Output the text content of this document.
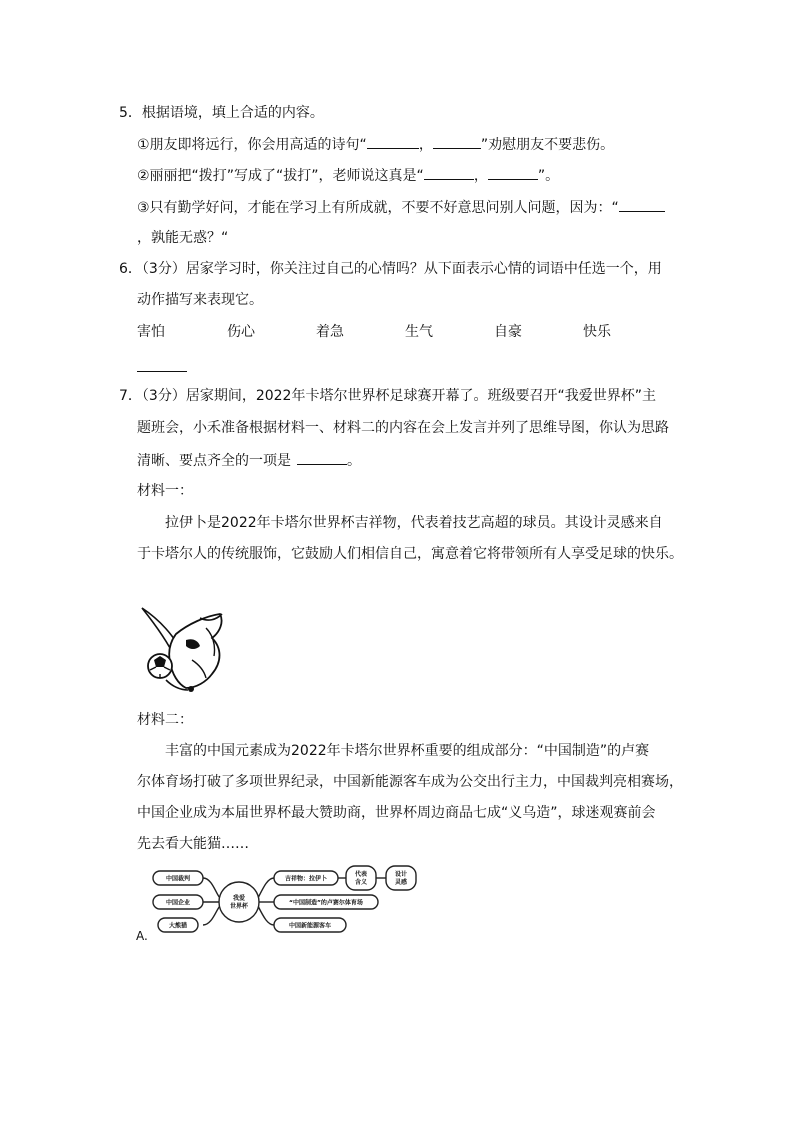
5．根据语境，填上合适的内容。
①朋友即将远行，你会用高适的诗句“	，	”劝慰朋友不要悲伤。
②丽丽把“拨打”写成了“拔打”，老师说这真是“	，	”。
③只有勤学好问，才能在学习上有所成就，不要不好意思问别人问题，因为：“
，孰能无惑？“
6．（3分）居家学习时，你关注过自己的心情吗？从下面表示心情的词语中任选一个，用
动作描写来表现它。
害怕	伤心	着急	生气	自豪	快乐
7．（3分）居家期间，2022年卡塔尔世界杯足球赛开幕了。班级要召开“我爱世界杯”主
题班会，小禾准备根据材料一、材料二的内容在会上发言并列了思维导图，你认为思路
清晰、要点齐全的一项是	。
材料一：
拉伊卜是2022年卡塔尔世界杯吉祥物，代表着技艺高超的球员。其设计灵感来自
于卡塔尔人的传统服饰，它鼓励人们相信自己，寓意着它将带领所有人享受足球的快乐。
材料二：
丰富的中国元素成为2022年卡塔尔世界杯重要的组成部分：“中国制造”的卢赛
尔体育场打破了多项世界纪录，中国新能源客车成为公交出行主力，中国裁判亮相赛场，
中国企业成为本届世界杯最大赞助商，世界杯周边商品七成“义乌造”，球迷观赛前会
先去看大能猫……
A.
中国裁判
中国企业
大熊猫
我爱
世界杯
吉祥物：拉伊卜
代表
含义
设计
灵感
“中国制造”的卢赛尔体育场
中国新能源客车
